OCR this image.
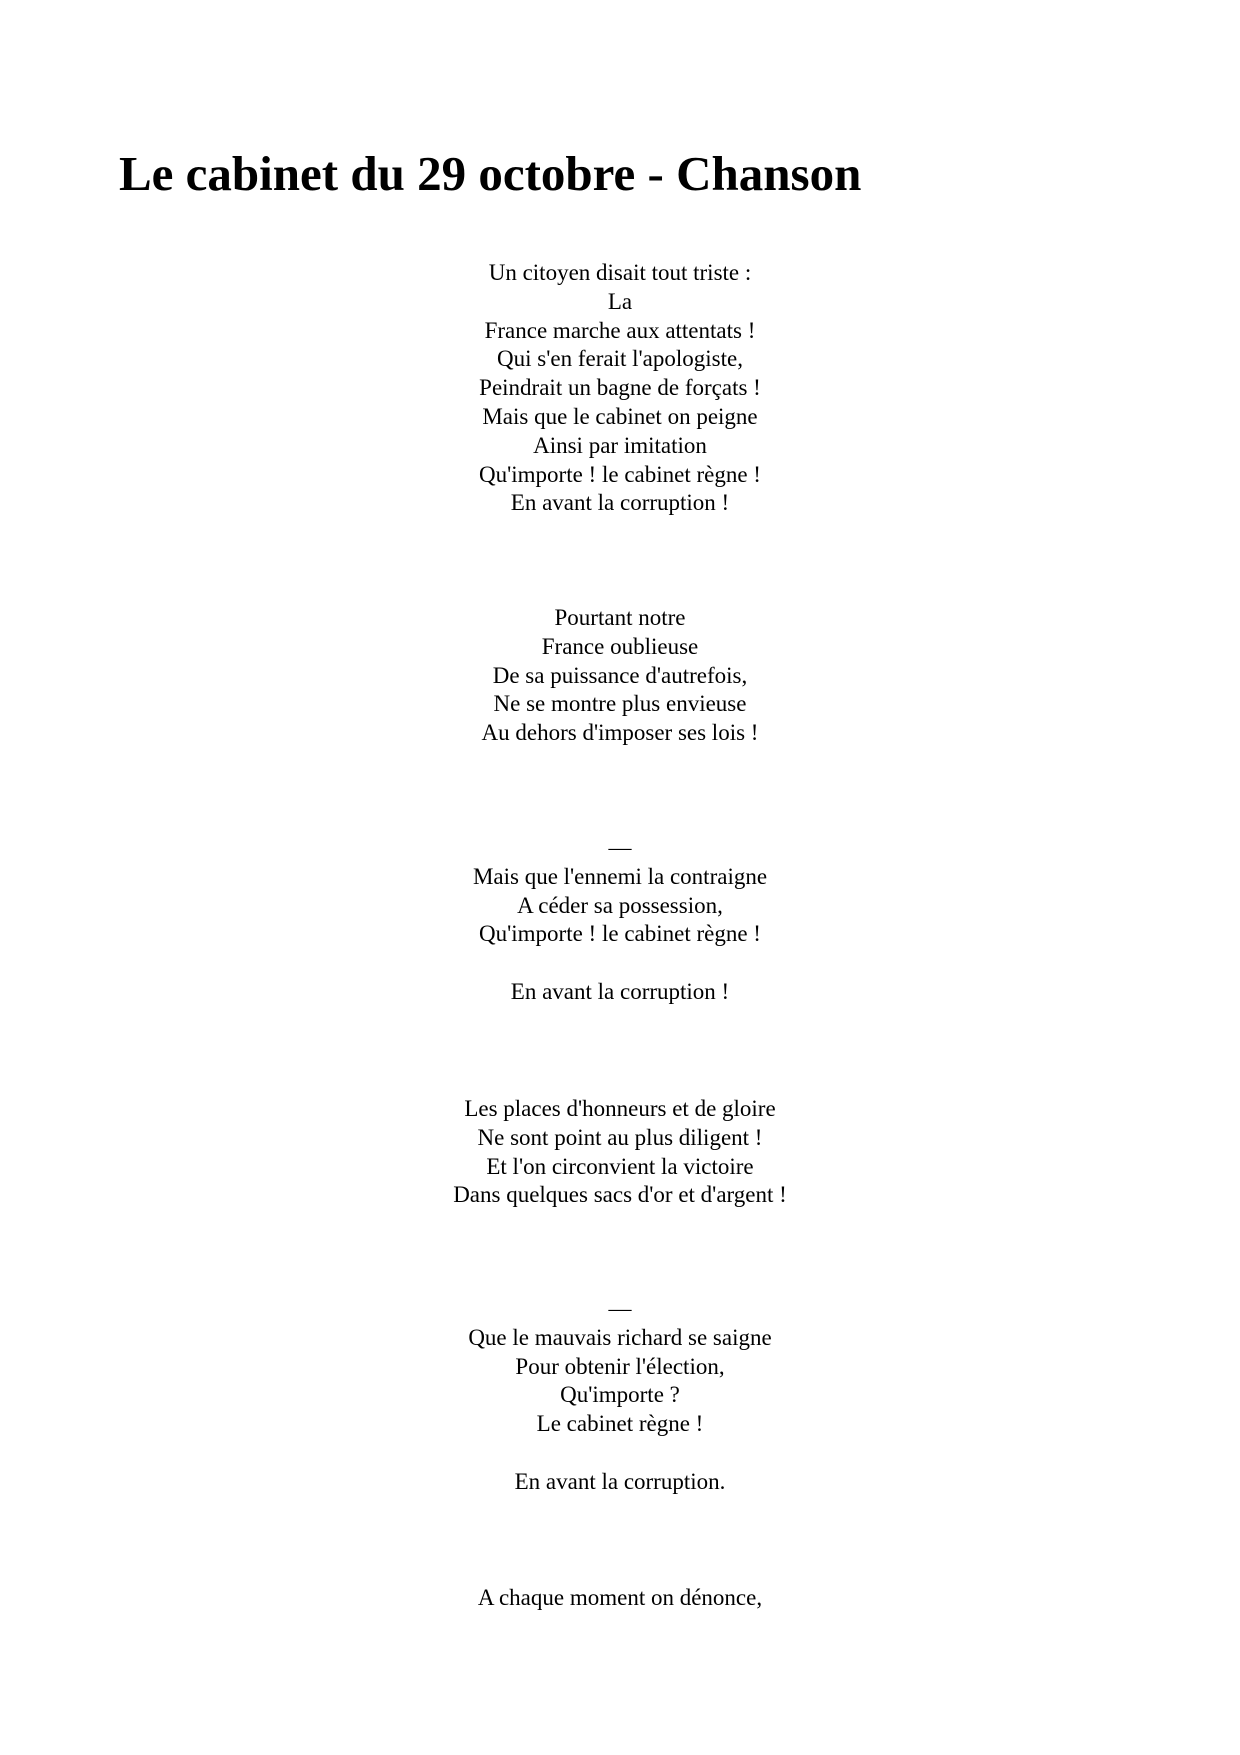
Le cabinet du 29 octobre - Chanson
Un citoyen disait tout triste :
La
France marche aux attentats !
Qui s'en ferait l'apologiste,
Peindrait un bagne de forçats !
Mais que le cabinet on peigne
Ainsi par imitation
Qu'importe ! le cabinet règne !
En avant la corruption !
Pourtant notre
France oublieuse
De sa puissance d'autrefois,
Ne se montre plus envieuse
Au dehors d'imposer ses lois !
—
Mais que l'ennemi la contraigne
A céder sa possession,
Qu'importe ! le cabinet règne !
En avant la corruption !
Les places d'honneurs et de gloire
Ne sont point au plus diligent !
Et l'on circonvient la victoire
Dans quelques sacs d'or et d'argent !
—
Que le mauvais richard se saigne
Pour obtenir l'élection,
Qu'importe ?
Le cabinet règne !
En avant la corruption.
A chaque moment on dénonce,
